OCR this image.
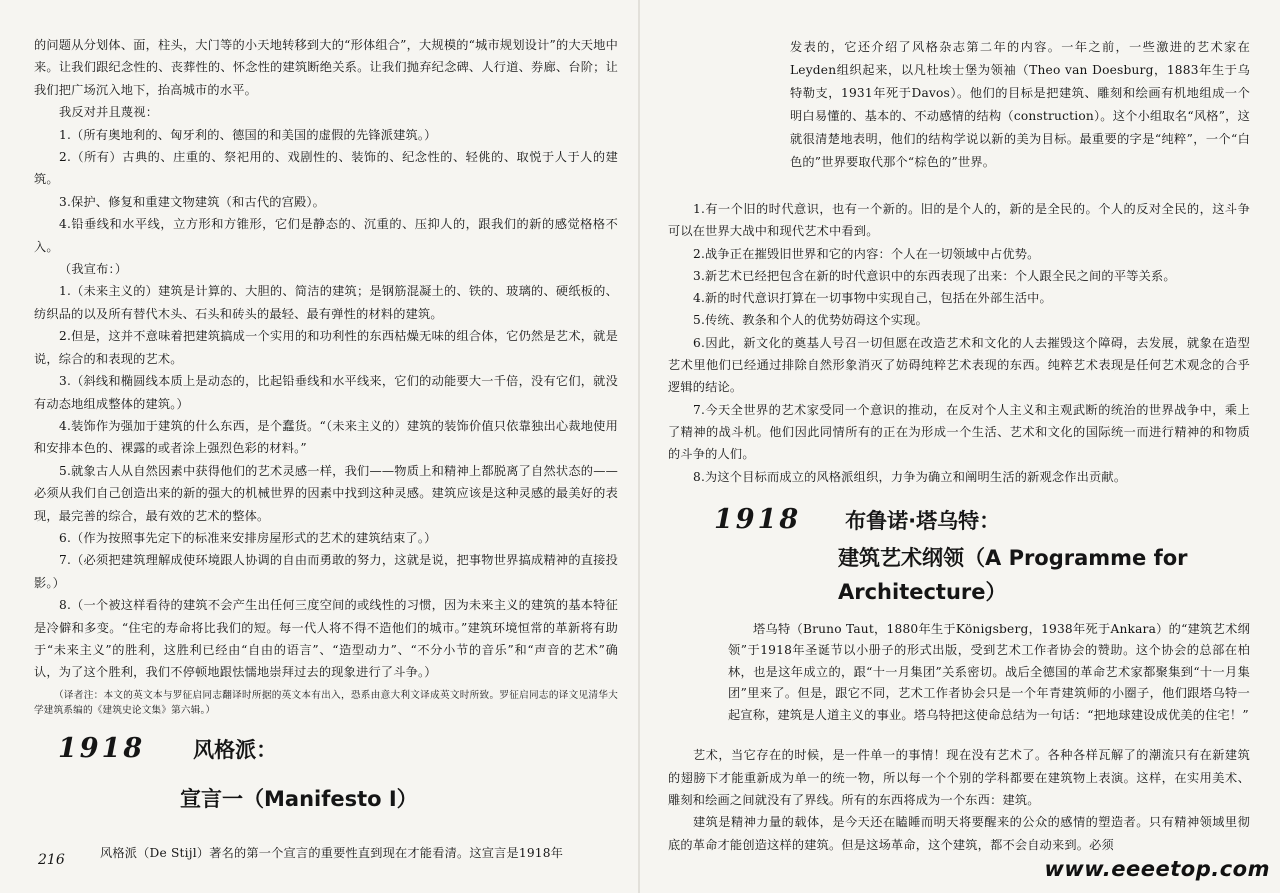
的问题从分划体、面，柱头，大门等的小天地转移到大的“形体组合”，大规模的“城市规划设计”的大天地中来。让我们跟纪念性的、丧葬性的、怀念性的建筑断绝关系。让我们抛弃纪念碑、人行道、券廊、台阶；让我们把广场沉入地下，抬高城市的水平。

我反对并且蔑视：

1.（所有奥地利的、匈牙利的、德国的和美国的虚假的先锋派建筑。）

2.（所有）古典的、庄重的、祭祀用的、戏剧性的、装饰的、纪念性的、轻佻的、取悦于人于人的建筑。

3.保护、修复和重建文物建筑（和古代的宫殿）。

4.铅垂线和水平线，立方形和方锥形，它们是静态的、沉重的、压抑人的，跟我们的新的感觉格格不入。

（我宣布：）

1.（未来主义的）建筑是计算的、大胆的、简洁的建筑；是钢筋混凝土的、铁的、玻璃的、硬纸板的、纺织品的以及所有替代木头、石头和砖头的最轻、最有弹性的材料的建筑。

2.但是，这并不意味着把建筑搞成一个实用的和功利性的东西枯燥无味的组合体，它仍然是艺术，就是说，综合的和表现的艺术。

3.（斜线和椭圆线本质上是动态的，比起铅垂线和水平线来，它们的动能要大一千倍，没有它们，就没有动态地组成整体的建筑。）

4.装饰作为强加于建筑的什么东西，是个蠢货。“（未来主义的）建筑的装饰价值只依靠独出心裁地使用和安排本色的、裸露的或者涂上强烈色彩的材料。”

5.就象古人从自然因素中获得他们的艺术灵感一样，我们——物质上和精神上都脱离了自然状态的——必须从我们自己创造出来的新的强大的机械世界的因素中找到这种灵感。建筑应该是这种灵感的最美好的表现，最完善的综合，最有效的艺术的整体。

6.（作为按照事先定下的标准来安排房屋形式的艺术的建筑结束了。）

7.（必须把建筑理解成使环境跟人协调的自由而勇敢的努力，这就是说，把事物世界搞成精神的直接投影。）

8.（一个被这样看待的建筑不会产生出任何三度空间的或线性的习惯，因为未来主义的建筑的基本特征是冷僻和多变。“住宅的寿命将比我们的短。每一代人将不得不造他们的城市。”建筑环境恒常的革新将有助于“未来主义”的胜利，这胜利已经由“自由的语言”、“造型动力”、“不分小节的音乐”和“声音的艺术”确认，为了这个胜利，我们不停顿地跟怯懦地崇拜过去的现象进行了斗争。）

（译者注：本文的英文本与罗征启同志翻译时所据的英文本有出入，恐系由意大利文译成英文时所致。罗征启同志的译文见清华大学建筑系编的《建筑史论文集》第六辑。）

1918 风格派：
宣言一（Manifesto Ⅰ）

风格派（De Stijl）著名的第一个宣言的重要性直到现在才能看清。这宣言是1918年

发表的，它还介绍了风格杂志第二年的内容。一年之前，一些激进的艺术家在Leyden组织起来，以凡杜埃士堡为领袖（Theo van Doesburg，1883年生于乌特勒支，1931年死于Davos）。他们的目标是把建筑、雕刻和绘画有机地组成一个明白易懂的、基本的、不动感情的结构（construction）。这个小组取名“风格”，这就很清楚地表明，他们的结构学说以新的美为目标。最重要的字是“纯粹”，一个“白色的”世界要取代那个“棕色的”世界。

1.有一个旧的时代意识，也有一个新的。旧的是个人的，新的是全民的。个人的反对全民的，这斗争可以在世界大战中和现代艺术中看到。

2.战争正在摧毁旧世界和它的内容：个人在一切领域中占优势。

3.新艺术已经把包含在新的时代意识中的东西表现了出来：个人跟全民之间的平等关系。

4.新的时代意识打算在一切事物中实现自己，包括在外部生活中。

5.传统、教条和个人的优势妨碍这个实现。

6.因此，新文化的奠基人号召一切但愿在改造艺术和文化的人去摧毁这个障碍，去发展，就象在造型艺术里他们已经通过排除自然形象消灭了妨碍纯粹艺术表现的东西。纯粹艺术表现是任何艺术观念的合乎逻辑的结论。

7.今天全世界的艺术家受同一个意识的推动，在反对个人主义和主观武断的统治的世界战争中，乘上了精神的战斗机。他们因此同情所有的正在为形成一个生活、艺术和文化的国际统一而进行精神的和物质的斗争的人们。

8.为这个目标而成立的风格派组织，力争为确立和阐明生活的新观念作出贡献。

1918 布鲁诺·塔乌特：
建筑艺术纲领（A Programme for
Architecture）

塔乌特（Bruno Taut，1880年生于Königsberg，1938年死于Ankara）的“建筑艺术纲领”于1918年圣诞节以小册子的形式出版，受到艺术工作者协会的赞助。这个协会的总部在柏林，也是这年成立的，跟“十一月集团”关系密切。战后全德国的革命艺术家都聚集到“十一月集团”里来了。但是，跟它不同，艺术工作者协会只是一个年青建筑师的小圈子，他们跟塔乌特一起宣称，建筑是人道主义的事业。塔乌特把这使命总结为一句话：“把地球建设成优美的住宅！”

艺术，当它存在的时候，是一件单一的事情！现在没有艺术了。各种各样瓦解了的潮流只有在新建筑的翅膀下才能重新成为单一的统一物，所以每一个个别的学科都要在建筑物上表演。这样，在实用美术、雕刻和绘画之间就没有了界线。所有的东西将成为一个东西：建筑。

建筑是精神力量的载体，是今天还在瞌睡而明天将要醒来的公众的感情的塑造者。只有精神领域里彻底的革命才能创造这样的建筑。但是这场革命，这个建筑，都不会自动来到。必须

216	www.eeeetop.com
